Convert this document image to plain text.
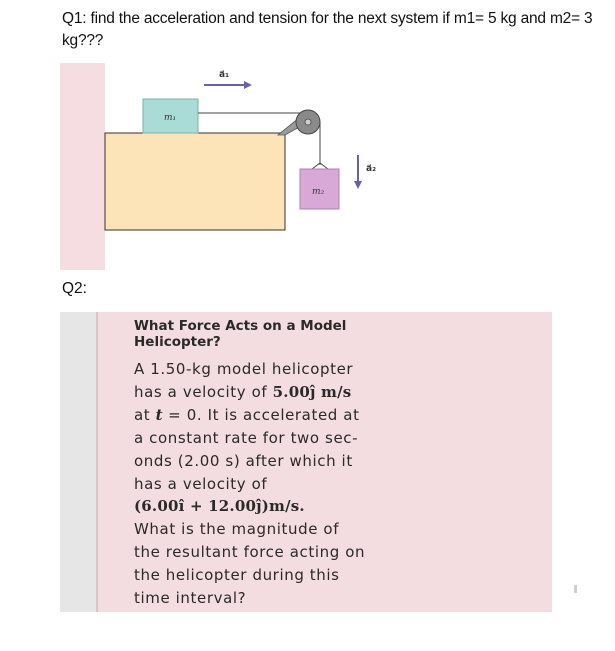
Q1: find the acceleration and tension for the next system if m1= 5 kg and m2= 3 kg???
m₁
m₂
a⃗₁
a⃗₂
Q2:
What Force Acts on a Model
Helicopter?
A 1.50-kg model helicopter
has a velocity of 5.00ĵ m/s
at t = 0. It is accelerated at
a constant rate for two sec-
onds (2.00 s) after which it
has a velocity of
(6.00î + 12.00ĵ)m/s.
What is the magnitude of
the resultant force acting on
the helicopter during this
time interval?
